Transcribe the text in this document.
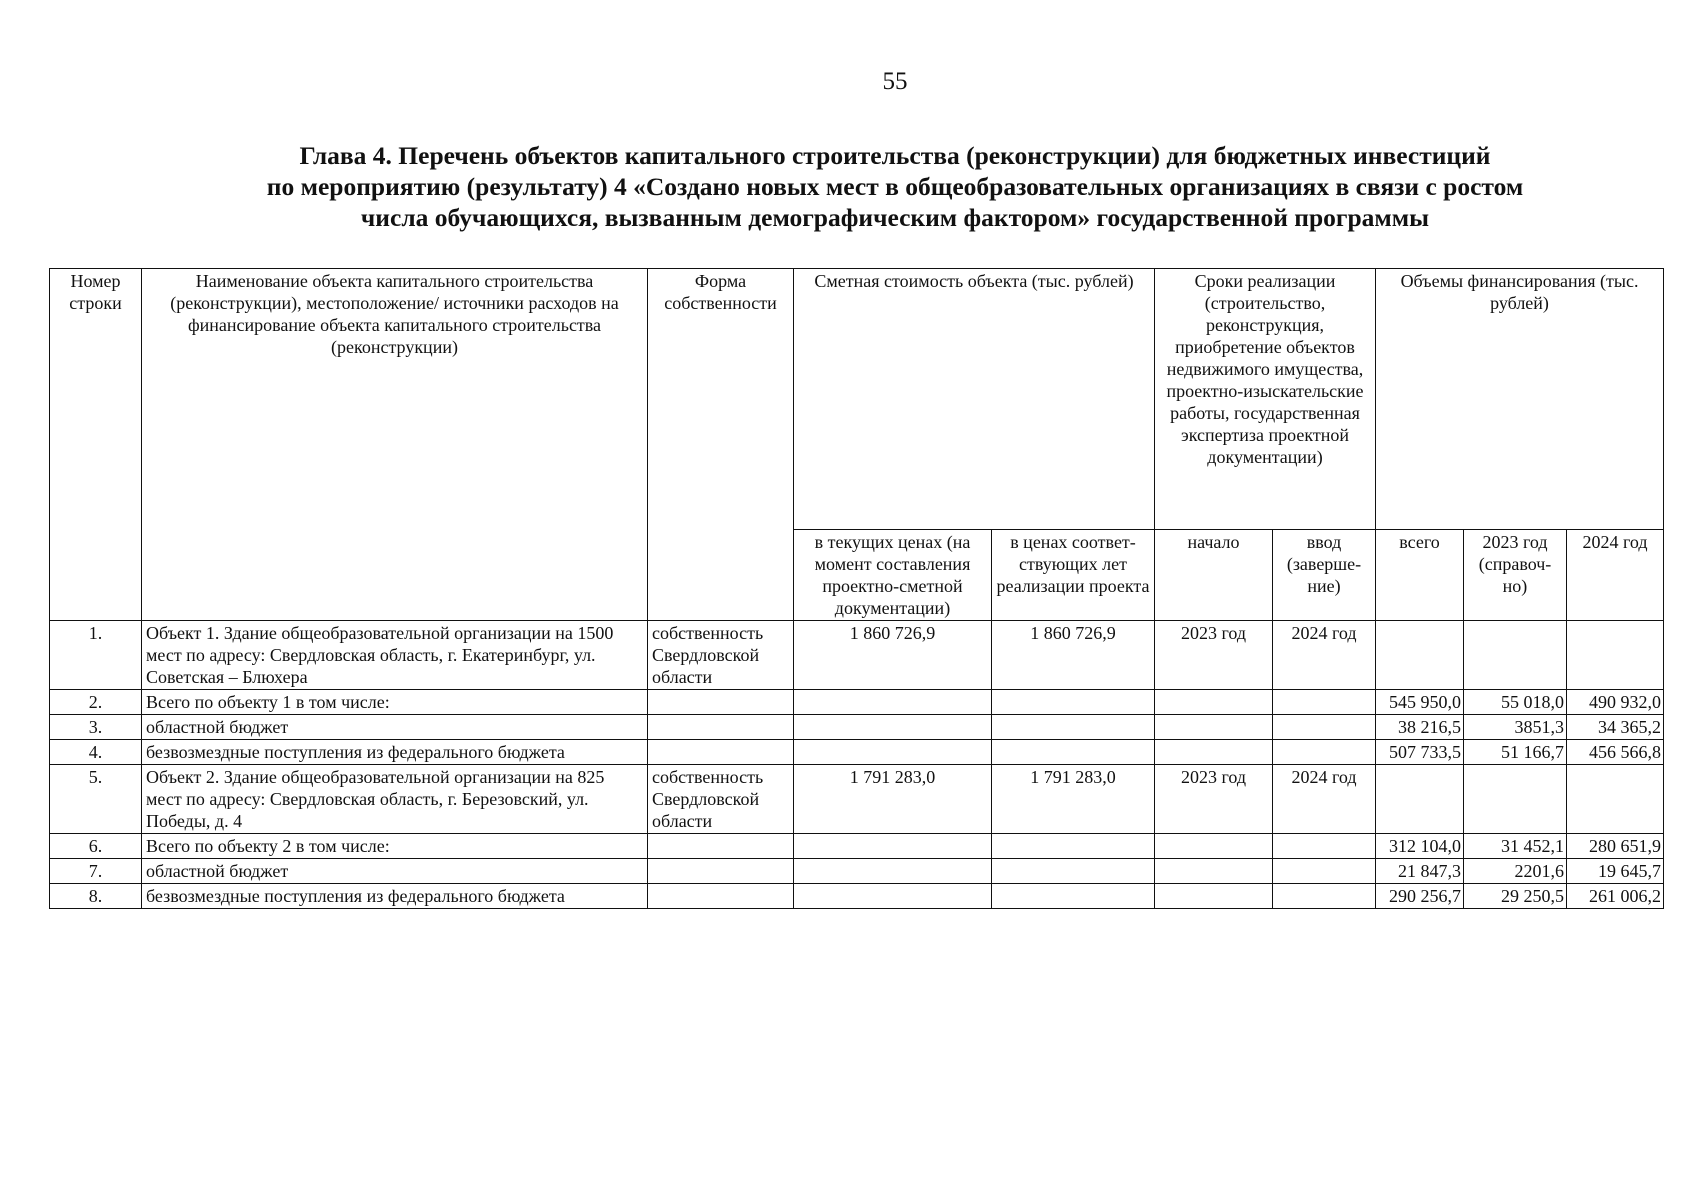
55
Глава 4. Перечень объектов капитального строительства (реконструкции) для бюджетных инвестиций
по мероприятию (результату) 4 «Создано новых мест в общеобразовательных организациях в связи с ростом
числа обучающихся, вызванным демографическим фактором» государственной программы
Номер строки	Наименование объекта капитального строительства (реконструкции), местоположение/ источники расходов на финансирование объекта капитального строительства (реконструкции)	Форма собственности	Сметная стоимость объекта (тыс. рублей)		Сроки реализации (строительство, реконструкция, приобретение объектов недвижимого имущества, проектно-изыскательские работы, государственная экспертиза проектной документации)		Объемы финансирования (тыс. рублей)		
			в текущих ценах (на момент составления проектно-сметной документации)	в ценах соответ-ствующих лет реализации проекта	начало	ввод (заверше-ние)	всего	2023 год (справоч-но)	2024 год
1.	Объект 1. Здание общеобразовательной организации на 1500 мест по адресу: Свердловская область, г. Екатеринбург, ул. Советская – Блюхера	собственность Свердловской области	1 860 726,9	1 860 726,9	2023 год	2024 год			
2.	Всего по объекту 1 в том числе:						545 950,0	55 018,0	490 932,0
3.	областной бюджет						38 216,5	3851,3	34 365,2
4.	безвозмездные поступления из федерального бюджета						507 733,5	51 166,7	456 566,8
5.	Объект 2. Здание общеобразовательной организации на 825 мест по адресу: Свердловская область, г. Березовский, ул. Победы, д. 4	собственность Свердловской области	1 791 283,0	1 791 283,0	2023 год	2024 год			
6.	Всего по объекту 2 в том числе:						312 104,0	31 452,1	280 651,9
7.	областной бюджет						21 847,3	2201,6	19 645,7
8.	безвозмездные поступления из федерального бюджета						290 256,7	29 250,5	261 006,2
